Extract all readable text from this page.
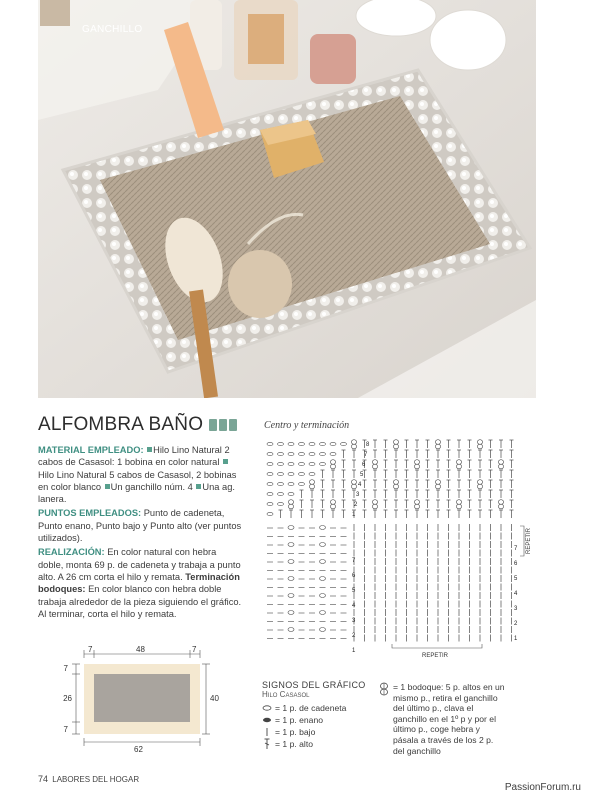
GANCHILLO
ALFOMBRA BAÑO

MATERIAL EMPLEADO: Hilo Lino Natural 2 cabos de Casasol: 1 bobina en color natural Hilo Lino Natural 5 cabos de Casasol, 2 bobinas en color blanco Un ganchillo núm. 4 Una ag. lanera.

PUNTOS EMPLEADOS: Punto de cadeneta, Punto enano, Punto bajo y Punto alto (ver puntos utilizados).

REALIZACIÓN: En color natural con hebra doble, monta 69 p. de cadeneta y trabaja a punto alto. A 26 cm corta el hilo y remata. Terminación bodoques: En color blanco con hebra doble trabaja alrededor de la pieza siguiendo el gráfico. Al terminar, corta el hilo y remata.

7	48	7
7
26
7
40
62
Centro y terminación
8
7
6
5
4
3
2
1
7
6
5
4
3
2
1
7
6
5
4
3
2
1
REPETIR
REPETIR
SIGNOS DEL GRÁFICO
Hilo Casasol
= 1 p. de cadeneta
= 1 p. enano
= 1 p. bajo
= 1 p. alto
= 1 bodoque: 5 p. altos en un mismo p., retira el ganchillo del último p., clava el ganchillo en el 1º p y por el último p., coge hebra y pásala a través de los 2 p. del ganchillo
74 LABORES DEL HOGAR
PassionForum.ru
